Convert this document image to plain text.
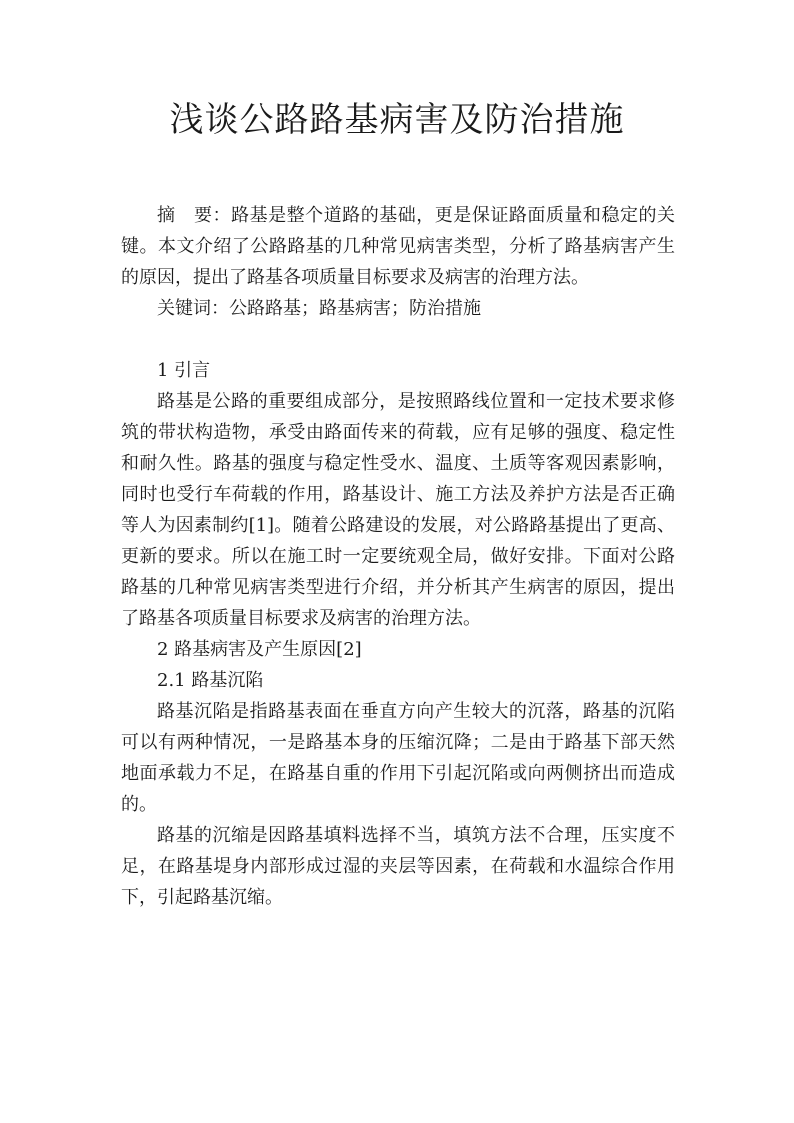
浅谈公路路基病害及防治措施

摘　要：路基是整个道路的基础，更是保证路面质量和稳定的关键。本文介绍了公路路基的几种常见病害类型，分析了路基病害产生的原因，提出了路基各项质量目标要求及病害的治理方法。

关键词：公路路基；路基病害；防治措施

1 引言

路基是公路的重要组成部分，是按照路线位置和一定技术要求修筑的带状构造物，承受由路面传来的荷载，应有足够的强度、稳定性和耐久性。路基的强度与稳定性受水、温度、土质等客观因素影响，同时也受行车荷载的作用，路基设计、施工方法及养护方法是否正确等人为因素制约[1]。随着公路建设的发展，对公路路基提出了更高、更新的要求。所以在施工时一定要统观全局，做好安排。下面对公路路基的几种常见病害类型进行介绍，并分析其产生病害的原因，提出了路基各项质量目标要求及病害的治理方法。

2 路基病害及产生原因[2]

2.1 路基沉陷

路基沉陷是指路基表面在垂直方向产生较大的沉落，路基的沉陷可以有两种情况，一是路基本身的压缩沉降；二是由于路基下部天然地面承载力不足，在路基自重的作用下引起沉陷或向两侧挤出而造成的。

路基的沉缩是因路基填料选择不当，填筑方法不合理，压实度不足，在路基堤身内部形成过湿的夹层等因素，在荷载和水温综合作用下，引起路基沉缩。
